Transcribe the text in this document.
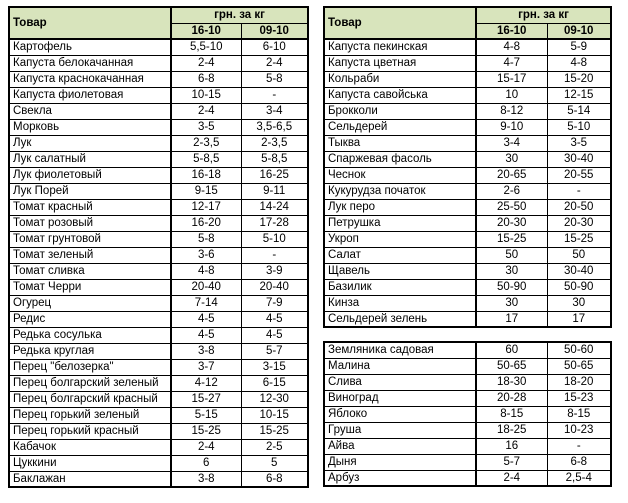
Товар	грн. за кг	
	16-10	09-10
Картофель	5,5-10	6-10
Капуста белокачанная	2-4	2-4
Капуста краснокачанная	6-8	5-8
Капуста фиолетовая	10-15	-
Свекла	2-4	3-4
Морковь	3-5	3,5-6,5
Лук	2-3,5	2-3,5
Лук салатный	5-8,5	5-8,5
Лук фиолетовый	16-18	16-25
Лук Порей	9-15	9-11
Томат красный	12-17	14-24
Томат розовый	16-20	17-28
Томат грунтовой	5-8	5-10
Томат зеленый	3-6	-
Томат сливка	4-8	3-9
Томат Черри	20-40	20-40
Огурец	7-14	7-9
Редис	4-5	4-5
Редька сосулька	4-5	4-5
Редька круглая	3-8	5-7
Перец "белозерка"	3-7	3-15
Перец болгарский зеленый	4-12	6-15
Перец болгарский красный	15-27	12-30
Перец горький зеленый	5-15	10-15
Перец горький красный	15-25	15-25
Кабачок	2-4	2-5
Цуккини	6	5
Баклажан	3-8	6-8
Товар	грн. за кг	
	16-10	09-10
Капуста пекинская	4-8	5-9
Капуста цветная	4-7	4-8
Кольраби	15-17	15-20
Капуста савойська	10	12-15
Брокколи	8-12	5-14
Сельдерей	9-10	5-10
Тыква	3-4	3-5
Спаржевая фасоль	30	30-40
Чеснок	20-65	20-55
Кукурудза початок	2-6	-
Лук перо	25-50	20-50
Петрушка	20-30	20-30
Укроп	15-25	15-25
Салат	50	50
Щавель	30	30-40
Базилик	50-90	50-90
Кинза	30	30
Сельдерей зелень	17	17
Земляника садовая	60	50-60
Малина	50-65	50-65
Слива	18-30	18-20
Виноград	20-28	15-23
Яблоко	8-15	8-15
Груша	18-25	10-23
Айва	16	-
Дыня	5-7	6-8
Арбуз	2-4	2,5-4
